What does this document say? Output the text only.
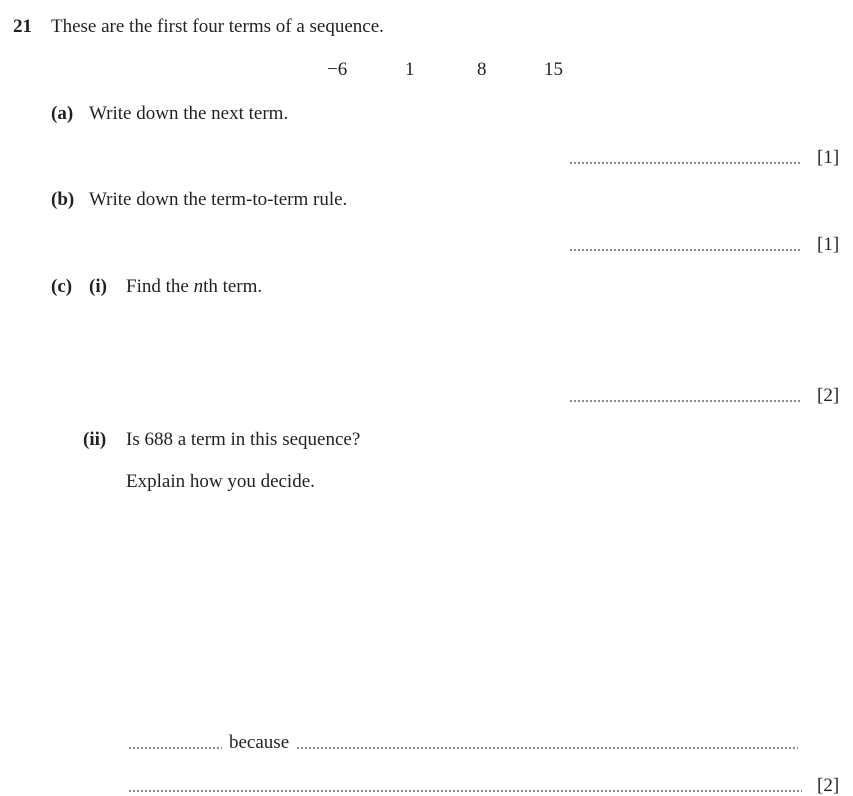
21 These are the first four terms of a sequence.
−6	1	8	15
(a) Write down the next term.
[1]
(b) Write down the term-to-term rule.
[1]
(c) (i) Find the nth term.
[2]
(ii) Is 688 a term in this sequence?
Explain how you decide.
because
[2]
